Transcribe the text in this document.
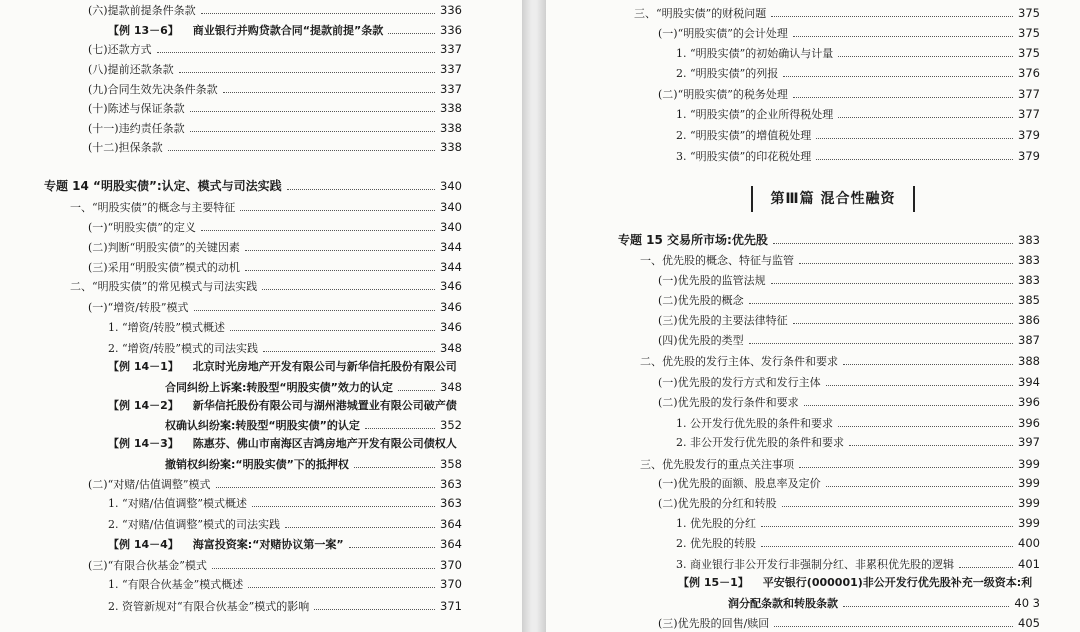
(六)提款前提条件条款	336
【例 13－6】 商业银行并购贷款合同“提款前提”条款	336
(七)还款方式	337
(八)提前还款条款	337
(九)合同生效先决条件条款	337
(十)陈述与保证条款	338
(十一)违约责任条款	338
(十二)担保条款	338
专题 14 “明股实债”:认定、模式与司法实践	340
一、“明股实债”的概念与主要特征	340
(一)“明股实债”的定义	340
(二)判断“明股实债”的关键因素	344
(三)采用“明股实债”模式的动机	344
二、“明股实债”的常见模式与司法实践	346
(一)“增资/转股”模式	346
1. “增资/转股”模式概述	346
2. “增资/转股”模式的司法实践	348
【例 14－1】 北京时光房地产开发有限公司与新华信托股份有限公司
合同纠纷上诉案:转股型“明股实债”效力的认定	348
【例 14－2】 新华信托股份有限公司与湖州港城置业有限公司破产债
权确认纠纷案:转股型“明股实债”的认定	352
【例 14－3】 陈惠芬、佛山市南海区吉鸿房地产开发有限公司债权人
撤销权纠纷案:“明股实债”下的抵押权	358
(二)“对赌/估值调整”模式	363
1. “对赌/估值调整”模式概述	363
2. “对赌/估值调整”模式的司法实践	364
【例 14－4】 海富投资案:“对赌协议第一案”	364
(三)“有限合伙基金”模式	370
1. “有限合伙基金”模式概述	370
2. 资管新规对“有限合伙基金”模式的影响	371
第Ⅲ篇 混合性融资
三、“明股实债”的财税问题	375
(一)“明股实债”的会计处理	375
1. “明股实债”的初始确认与计量	375
2. “明股实债”的列报	376
(二)“明股实债”的税务处理	377
1. “明股实债”的企业所得税处理	377
2. “明股实债”的增值税处理	379
3. “明股实债”的印花税处理	379
专题 15 交易所市场:优先股	383
一、优先股的概念、特征与监管	383
(一)优先股的监管法规	383
(二)优先股的概念	385
(三)优先股的主要法律特征	386
(四)优先股的类型	387
二、优先股的发行主体、发行条件和要求	388
(一)优先股的发行方式和发行主体	394
(二)优先股的发行条件和要求	396
1. 公开发行优先股的条件和要求	396
2. 非公开发行优先股的条件和要求	397
三、优先股发行的重点关注事项	399
(一)优先股的面额、股息率及定价	399
(二)优先股的分红和转股	399
1. 优先股的分红	399
2. 优先股的转股	400
3. 商业银行非公开发行非强制分红、非累积优先股的逻辑	401
【例 15－1】 平安银行(000001)非公开发行优先股补充一级资本:利
润分配条款和转股条款	40 3
(三)优先股的回售/赎回	405
